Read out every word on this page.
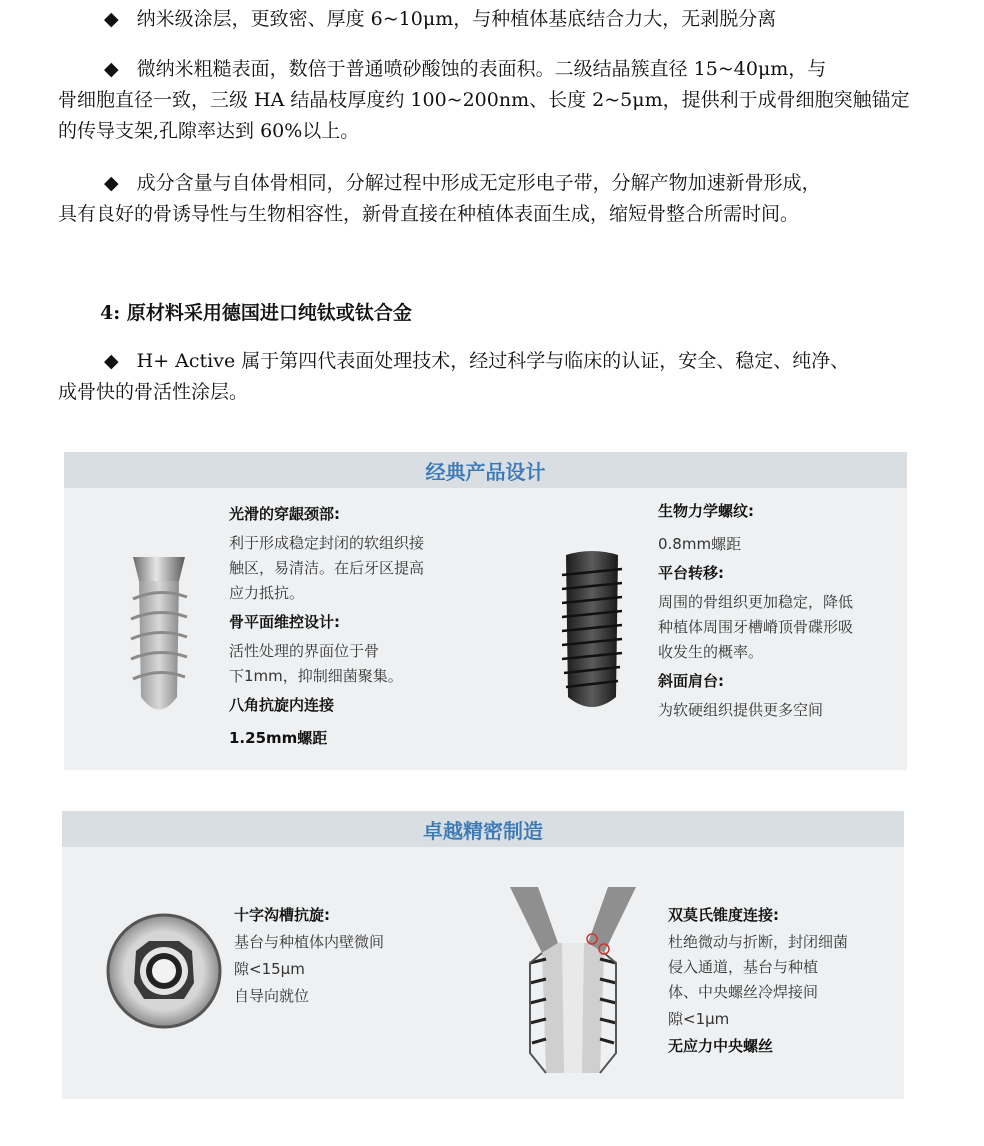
◆ 纳米级涂层，更致密、厚度 6~10μm，与种植体基底结合力大，无剥脱分离

◆ 微纳米粗糙表面，数倍于普通喷砂酸蚀的表面积。二级结晶簇直径 15~40μm，与
骨细胞直径一致，三级 HA 结晶枝厚度约 100~200nm、长度 2~5μm，提供利于成骨细胞突触锚定的传导支架,孔隙率达到 60%以上。

◆ 成分含量与自体骨相同，分解过程中形成无定形电子带，分解产物加速新骨形成，
具有良好的骨诱导性与生物相容性，新骨直接在种植体表面生成，缩短骨整合所需时间。

4: 原材料采用德国进口纯钛或钛合金

◆ H+ Active 属于第四代表面处理技术，经过科学与临床的认证，安全、稳定、纯净、
成骨快的骨活性涂层。

经典产品设计
光滑的穿龈颈部:
利于形成稳定封闭的软组织接
触区，易清洁。在后牙区提高
应力抵抗。
骨平面维控设计:
活性处理的界面位于骨
下1mm，抑制细菌聚集。
八角抗旋内连接
1.25mm螺距
生物力学螺纹:
0.8mm螺距
平台转移:
周围的骨组织更加稳定，降低
种植体周围牙槽嵴顶骨碟形吸
收发生的概率。
斜面肩台:
为软硬组织提供更多空间
卓越精密制造
十字沟槽抗旋:
基台与种植体内壁微间
隙<15μm
自导向就位
双莫氏锥度连接:
杜绝微动与折断，封闭细菌
侵入通道，基台与种植
体、中央螺丝冷焊接间
隙<1μm
无应力中央螺丝
